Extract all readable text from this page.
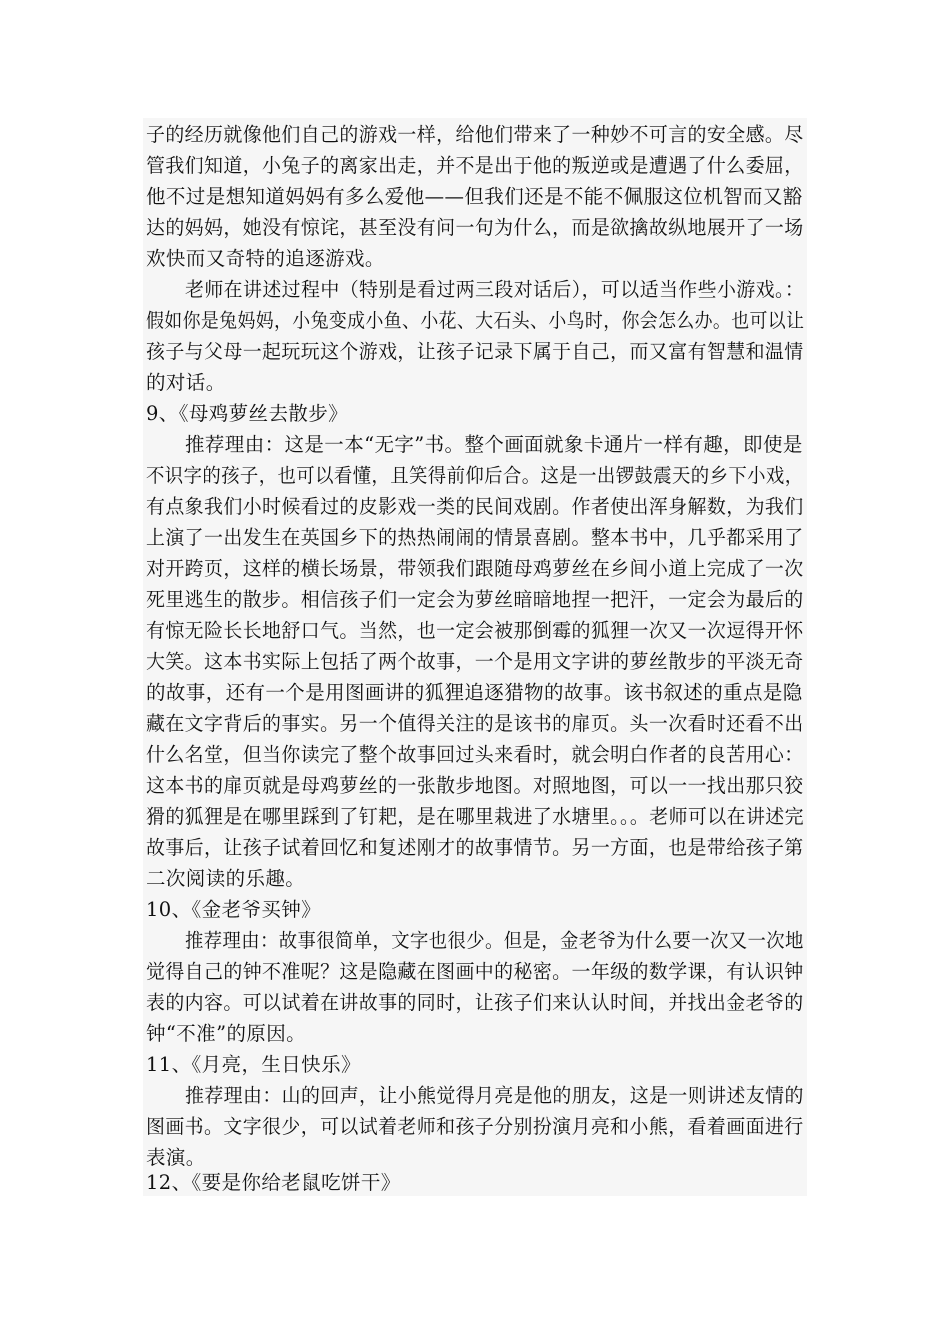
子的经历就像他们自己的游戏一样，给他们带来了一种妙不可言的安全感。尽
管我们知道，小兔子的离家出走，并不是出于他的叛逆或是遭遇了什么委屈，
他不过是想知道妈妈有多么爱他——但我们还是不能不佩服这位机智而又豁
达的妈妈，她没有惊诧，甚至没有问一句为什么，而是欲擒故纵地展开了一场
欢快而又奇特的追逐游戏。
老师在讲述过程中（特别是看过两三段对话后），可以适当作些小游戏。：
假如你是兔妈妈，小兔变成小鱼、小花、大石头、小鸟时，你会怎么办。也可以让
孩子与父母一起玩玩这个游戏，让孩子记录下属于自己，而又富有智慧和温情
的对话。
9、《母鸡萝丝去散步》
推荐理由：这是一本“无字”书。整个画面就象卡通片一样有趣，即使是
不识字的孩子，也可以看懂，且笑得前仰后合。这是一出锣鼓震天的乡下小戏，
有点象我们小时候看过的皮影戏一类的民间戏剧。作者使出浑身解数，为我们
上演了一出发生在英国乡下的热热闹闹的情景喜剧。整本书中，几乎都采用了
对开跨页，这样的横长场景，带领我们跟随母鸡萝丝在乡间小道上完成了一次
死里逃生的散步。相信孩子们一定会为萝丝暗暗地捏一把汗，一定会为最后的
有惊无险长长地舒口气。当然，也一定会被那倒霉的狐狸一次又一次逗得开怀
大笑。这本书实际上包括了两个故事，一个是用文字讲的萝丝散步的平淡无奇
的故事，还有一个是用图画讲的狐狸追逐猎物的故事。该书叙述的重点是隐
藏在文字背后的事实。另一个值得关注的是该书的扉页。头一次看时还看不出
什么名堂，但当你读完了整个故事回过头来看时，就会明白作者的良苦用心：
这本书的扉页就是母鸡萝丝的一张散步地图。对照地图，可以一一找出那只狡
猾的狐狸是在哪里踩到了钉耙，是在哪里栽进了水塘里。。。老师可以在讲述完
故事后，让孩子试着回忆和复述刚才的故事情节。另一方面，也是带给孩子第
二次阅读的乐趣。
10、《金老爷买钟》
推荐理由：故事很简单，文字也很少。但是，金老爷为什么要一次又一次地
觉得自己的钟不准呢？这是隐藏在图画中的秘密。一年级的数学课，有认识钟
表的内容。可以试着在讲故事的同时，让孩子们来认认时间，并找出金老爷的
钟“不准”的原因。
11、《月亮，生日快乐》
推荐理由：山的回声，让小熊觉得月亮是他的朋友，这是一则讲述友情的
图画书。文字很少，可以试着老师和孩子分别扮演月亮和小熊，看着画面进行
表演。
12、《要是你给老鼠吃饼干》
